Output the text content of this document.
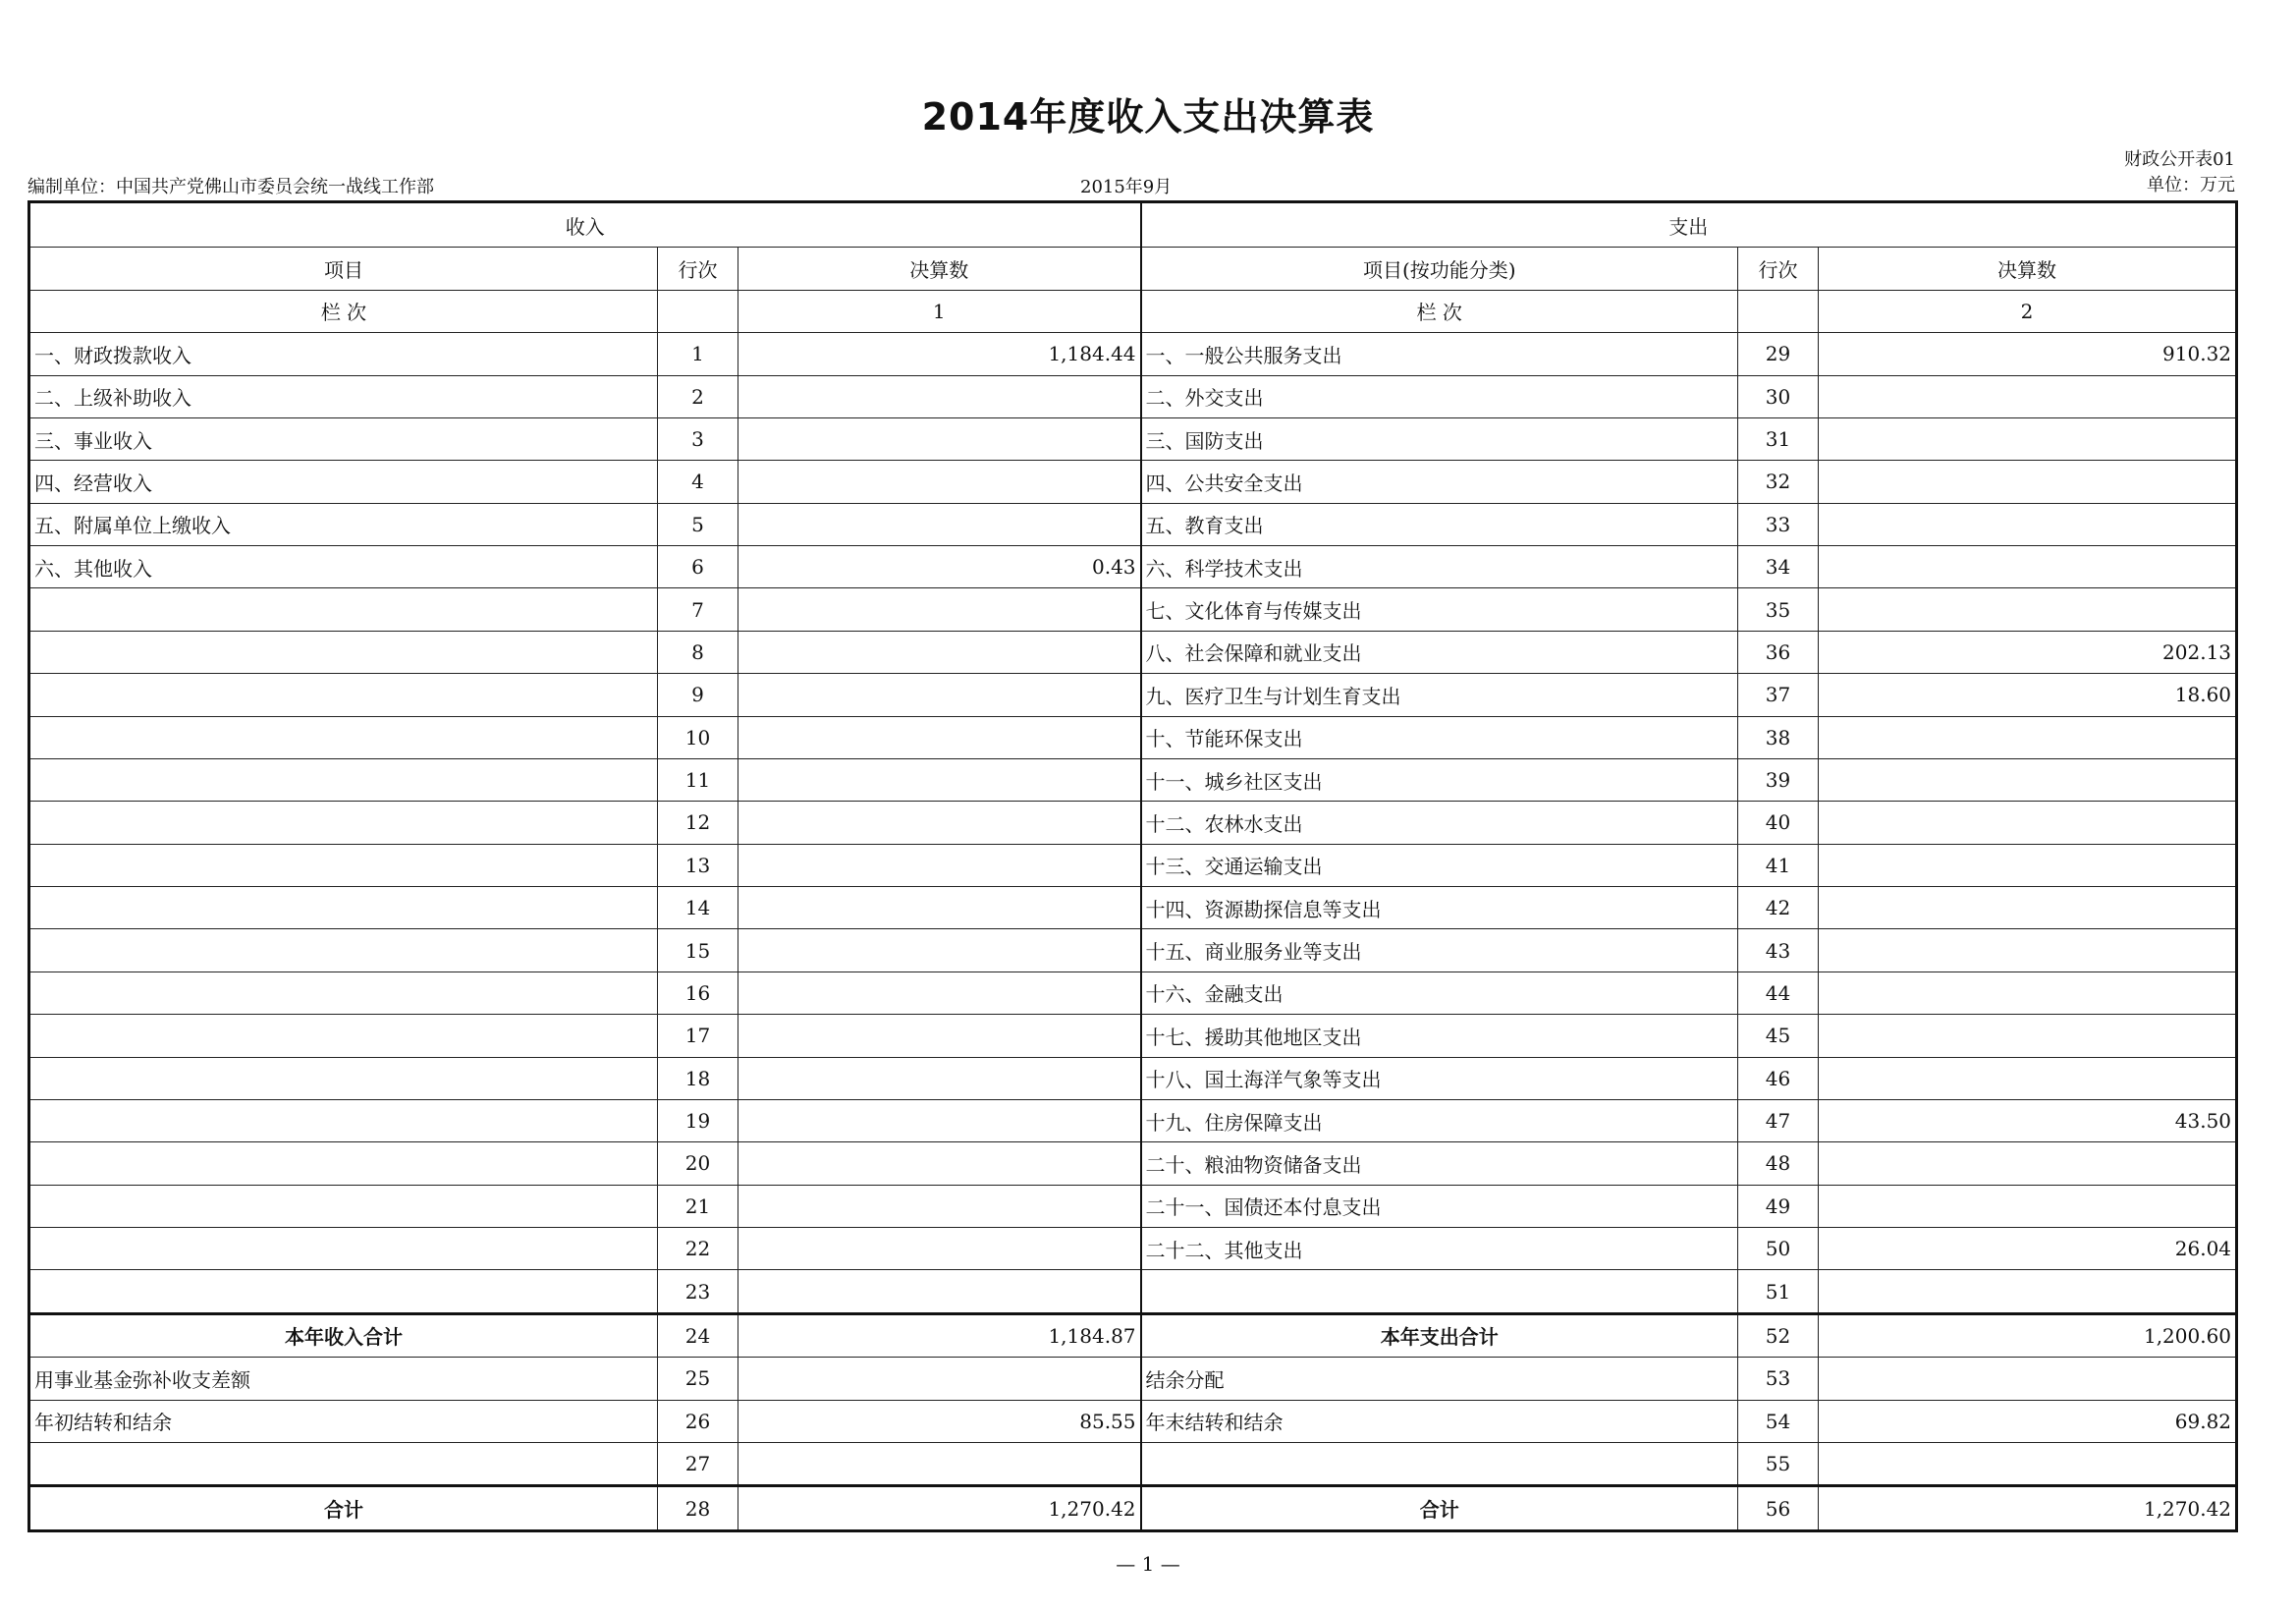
2014年度收入支出决算表
财政公开表01
单位：万元
编制单位：中国共产党佛山市委员会统一战线工作部	2015年9月
收入			支出		
项目	行次	决算数	项目(按功能分类)	行次	决算数
栏 次		1	栏 次		2
一、财政拨款收入	1	1,184.44	一、一般公共服务支出	29	910.32
二、上级补助收入	2		二、外交支出	30	
三、事业收入	3		三、国防支出	31	
四、经营收入	4		四、公共安全支出	32	
五、附属单位上缴收入	5		五、教育支出	33	
六、其他收入	6	0.43	六、科学技术支出	34	
	7		七、文化体育与传媒支出	35	
	8		八、社会保障和就业支出	36	202.13
	9		九、医疗卫生与计划生育支出	37	18.60
	10		十、节能环保支出	38	
	11		十一、城乡社区支出	39	
	12		十二、农林水支出	40	
	13		十三、交通运输支出	41	
	14		十四、资源勘探信息等支出	42	
	15		十五、商业服务业等支出	43	
	16		十六、金融支出	44	
	17		十七、援助其他地区支出	45	
	18		十八、国土海洋气象等支出	46	
	19		十九、住房保障支出	47	43.50
	20		二十、粮油物资储备支出	48	
	21		二十一、国债还本付息支出	49	
	22		二十二、其他支出	50	26.04
	23			51	
本年收入合计	24	1,184.87	本年支出合计	52	1,200.60
用事业基金弥补收支差额	25		结余分配	53	
年初结转和结余	26	85.55	年末结转和结余	54	69.82
	27			55	
合计	28	1,270.42	合计	56	1,270.42
— 1 —
